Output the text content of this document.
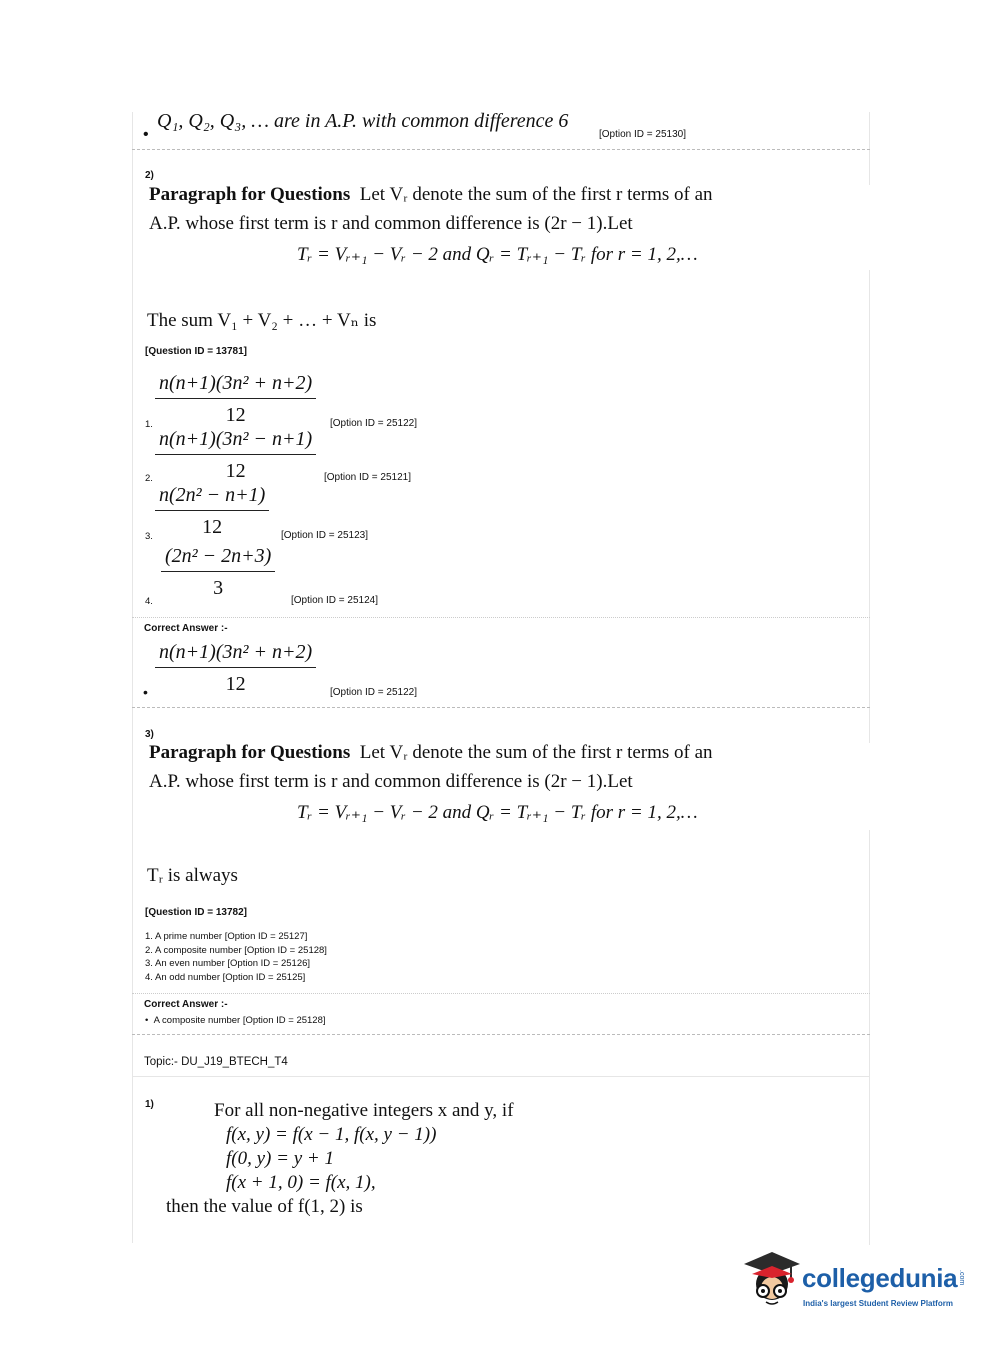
•
Q₁, Q₂, Q₃, … are in A.P. with common difference 6
[Option ID = 25130]
2)
Paragraph for Questions Let Vᵣ denote the sum of the first r terms of an
A.P. whose first term is r and common difference is (2r − 1).Let
Tᵣ = Vᵣ₊₁ − Vᵣ − 2 and Qᵣ = Tᵣ₊₁ − Tᵣ for r = 1, 2,…
The sum V₁ + V₂ + … + Vₙ is
[Question ID = 13781]
$\frac{\text{n(n+1)(3n² + n+2)}}{12}$
1.	[Option ID = 25122]
$\frac{\text{n(n+1)(3n² − n+1)}}{12}$
2.	[Option ID = 25121]
$\frac{\text{n(2n² − n+1)}}{12}$
3.	[Option ID = 25123]
$\frac{\text{(2n² − 2n+3)}}{3}$
4.	[Option ID = 25124]
Correct Answer :-
$\frac{\text{n(n+1)(3n² + n+2)}}{12}$
•	[Option ID = 25122]
3)
Paragraph for Questions Let Vᵣ denote the sum of the first r terms of an
A.P. whose first term is r and common difference is (2r − 1).Let
Tᵣ = Vᵣ₊₁ − Vᵣ − 2 and Qᵣ = Tᵣ₊₁ − Tᵣ for r = 1, 2,…
Tᵣ is always
[Question ID = 13782]
1. A prime number [Option ID = 25127]
2. A composite number [Option ID = 25128]
3. An even number [Option ID = 25126]
4. An odd number [Option ID = 25125]
Correct Answer :-
•  A composite number [Option ID = 25128]
Topic:- DU_J19_BTECH_T4
1)	For all non-negative integers x and y, if
f(x, y) = f(x − 1, f(x, y − 1))
f(0, y) = y + 1
f(x + 1, 0) = f(x, 1),
then the value of f(1, 2) is
collegedunia .com
India's largest Student Review Platform
